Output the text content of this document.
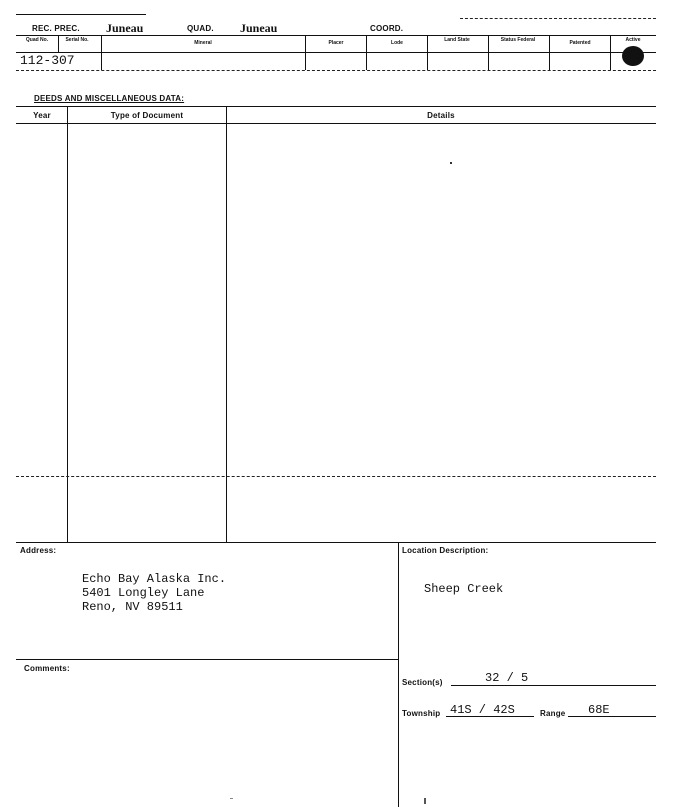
REC. PREC. Juneau	QUAD. Juneau	COORD.
Quad No.	Serial No.	Mineral	Placer	Lode	Land State	Status Federal	Patented	Active
112-307
DEEDS AND MISCELLANEOUS DATA:
Year	Type of Document	Details
Address:
Echo Bay Alaska Inc.
5401 Longley Lane
Reno, NV 89511
Location Description:
Sheep Creek
Comments:
Section(s)	32 / 5
Township 41S / 42S	Range 68E
